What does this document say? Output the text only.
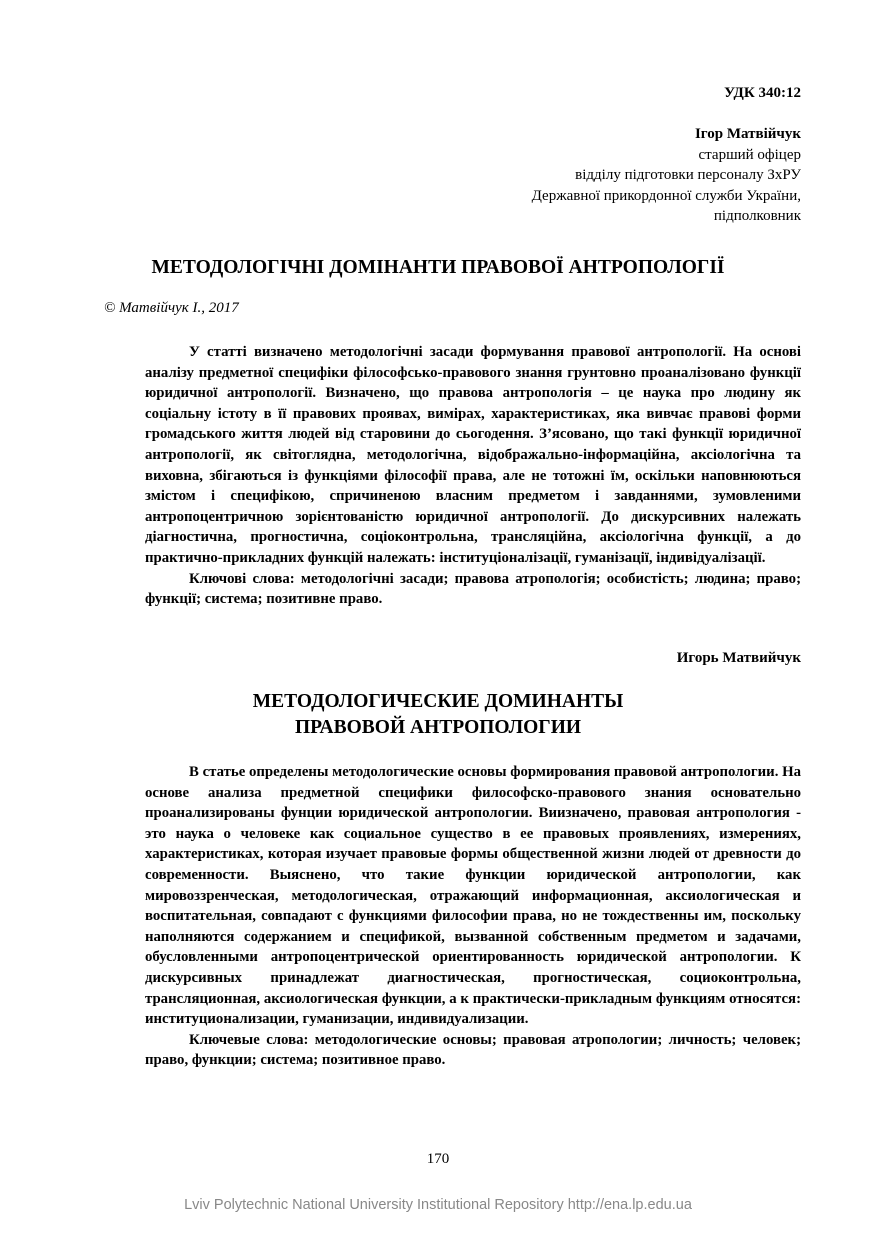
УДК 340:12
Ігор Матвійчук
старший офіцер
відділу підготовки персоналу ЗхРУ
Державної прикордонної служби України,
підполковник
МЕТОДОЛОГІЧНІ ДОМІНАНТИ ПРАВОВОЇ АНТРОПОЛОГІЇ
© Матвійчук І., 2017

У статті визначено методологічні засади формування правової антропології. На основі аналізу предметної специфіки філософсько-правового знання грунтовно проаналізовано функції юридичної антропології. Визначено, що правова антропологія – це наука про людину як соціальну істоту в її правових проявах, вимірах, характеристиках, яка вивчає правові форми громадського життя людей від старовини до сьогодення. З’ясовано, що такі функції юридичної антропології, як світоглядна, методологічна, відображально-інформаційна, аксіологічна та виховна, збігаються із функціями філософії права, але не тотожні їм, оскільки наповнюються змістом і специфікою, спричиненою власним предметом і завданнями, зумовленими антропоцентричною зорієнтованістю юридичної антропології. До дискурсивних належать діагностична, прогностична, соціоконтрольна, трансляційна, аксіологічна функції, а до практично-прикладних функцій належать: інституціоналізації, гуманізації, індивідуалізації.

Ключові слова: методологічні засади; правова атропологія; особистість; людина; право; функції; система; позитивне право.

Игорь Матвийчук
МЕТОДОЛОГИЧЕСКИЕ ДОМИНАНТЫ
ПРАВОВОЙ АНТРОПОЛОГИИ

В статье определены методологические основы формирования правовой антропологии. На основе анализа предметной специфики философско-правового знания основательно проанализированы фунции юридической антропологии. Виизначено, правовая антропология - это наука о человеке как социальное существо в ее правовых проявлениях, измерениях, характеристиках, которая изучает правовые формы общественной жизни людей от древности до современности. Выяснено, что такие функции юридической антропологии, как мировоззренческая, методологическая, отражающий информационная, аксиологическая и воспитательная, совпадают с функциями философии права, но не тождественны им, поскольку наполняются содержанием и спецификой, вызванной собственным предметом и задачами, обусловленными антропоцентрической ориентированность юридической антропологии. К дискурсивных принадлежат диагностическая, прогностическая, социоконтрольна, трансляционная, аксиологическая функции, а к практически-прикладным функциям относятся: институционализации, гуманизации, индивидуализации.

Ключевые слова: методологические основы; правовая атропологии; личность; человек; право, функции; система; позитивное право.

170
Lviv Polytechnic National University Institutional Repository http://ena.lp.edu.ua
